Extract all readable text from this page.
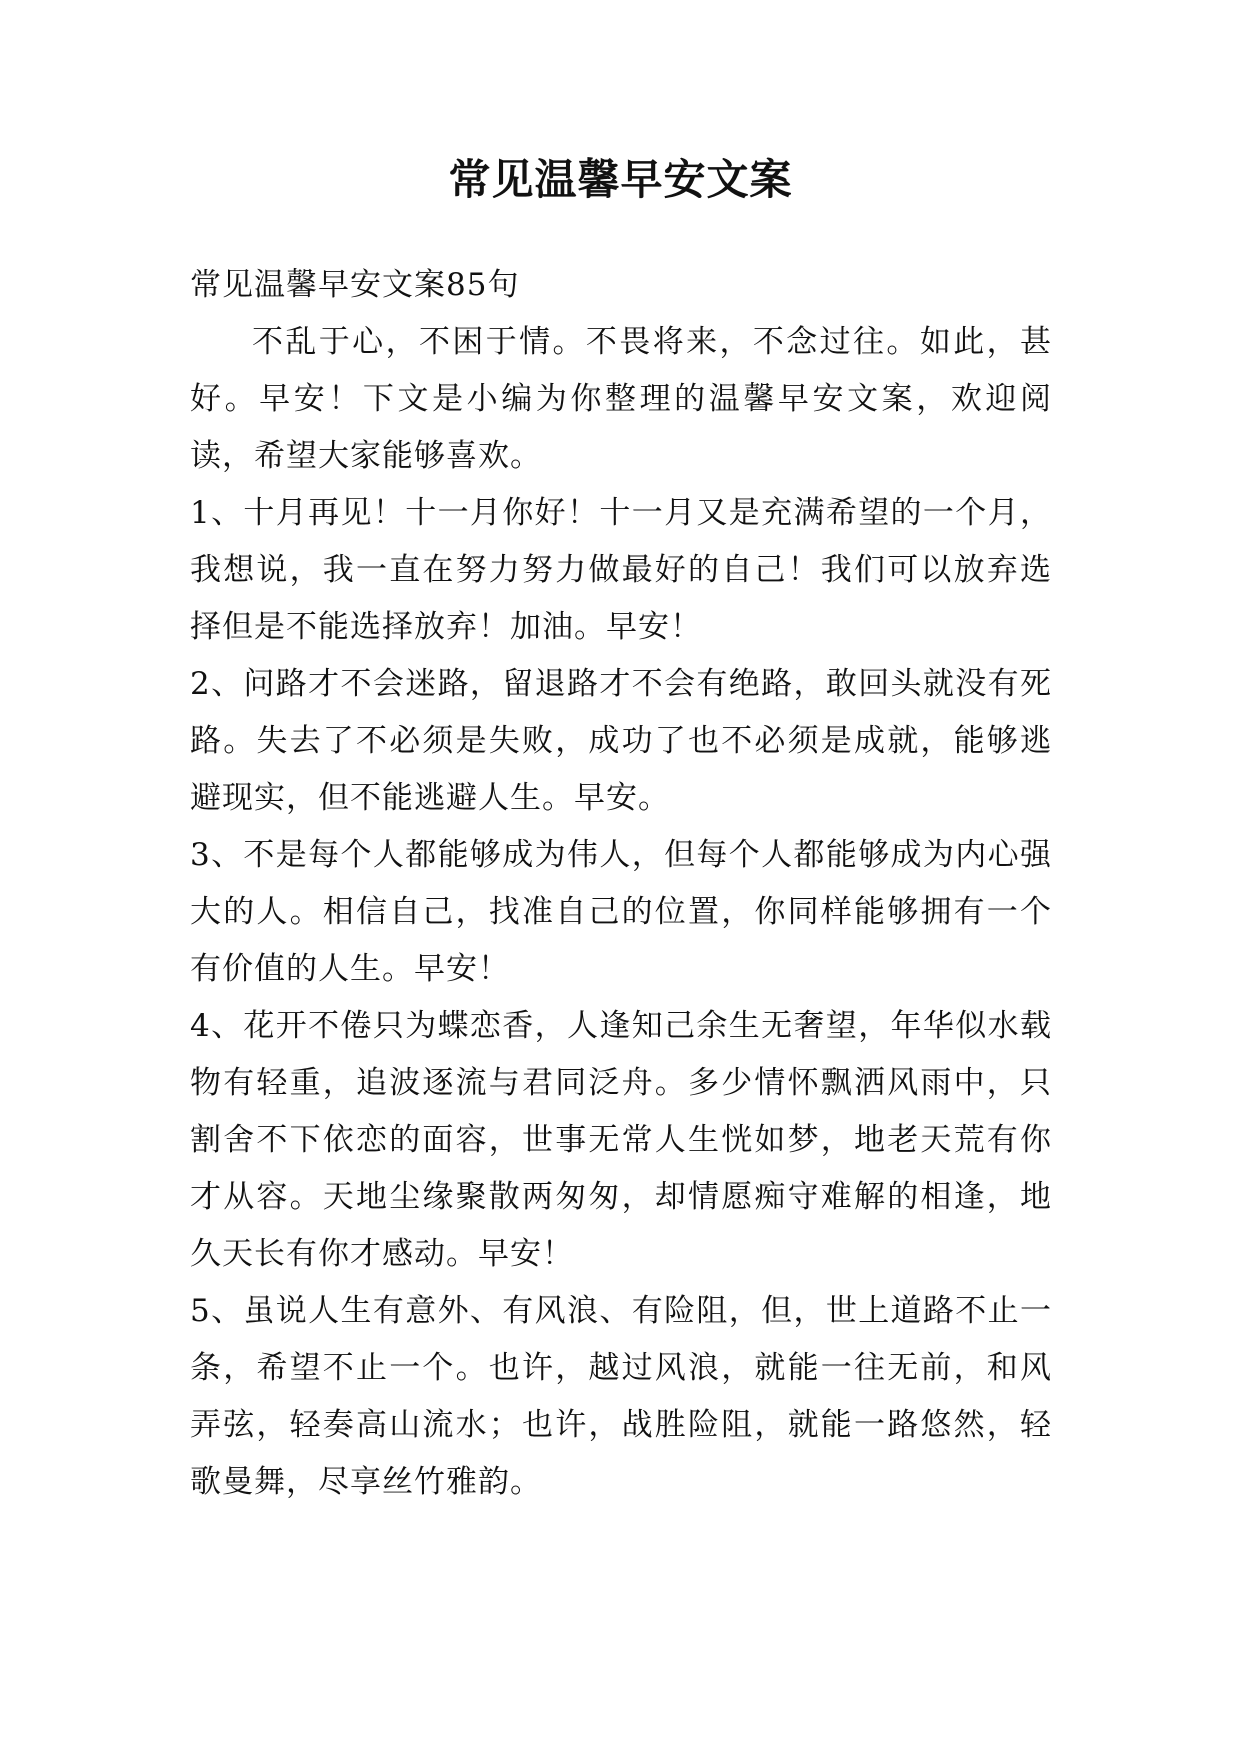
常见温馨早安文案

常见温馨早安文案85句

不乱于心，不困于情。不畏将来，不念过往。如此，甚好。早安！下文是小编为你整理的温馨早安文案，欢迎阅读，希望大家能够喜欢。

1、十月再见！十一月你好！十一月又是充满希望的一个月，我想说，我一直在努力努力做最好的自己！我们可以放弃选择但是不能选择放弃！加油。早安！

2、问路才不会迷路，留退路才不会有绝路，敢回头就没有死路。失去了不必须是失败，成功了也不必须是成就，能够逃避现实，但不能逃避人生。早安。

3、不是每个人都能够成为伟人，但每个人都能够成为内心强大的人。相信自己，找准自己的位置，你同样能够拥有一个有价值的人生。早安！

4、花开不倦只为蝶恋香，人逢知己余生无奢望，年华似水载物有轻重，追波逐流与君同泛舟。多少情怀飘洒风雨中，只割舍不下依恋的面容，世事无常人生恍如梦，地老天荒有你才从容。天地尘缘聚散两匆匆，却情愿痴守难解的相逢，地久天长有你才感动。早安！

5、虽说人生有意外、有风浪、有险阻，但，世上道路不止一条，希望不止一个。也许，越过风浪，就能一往无前，和风弄弦，轻奏高山流水；也许，战胜险阻，就能一路悠然，轻歌曼舞，尽享丝竹雅韵。
